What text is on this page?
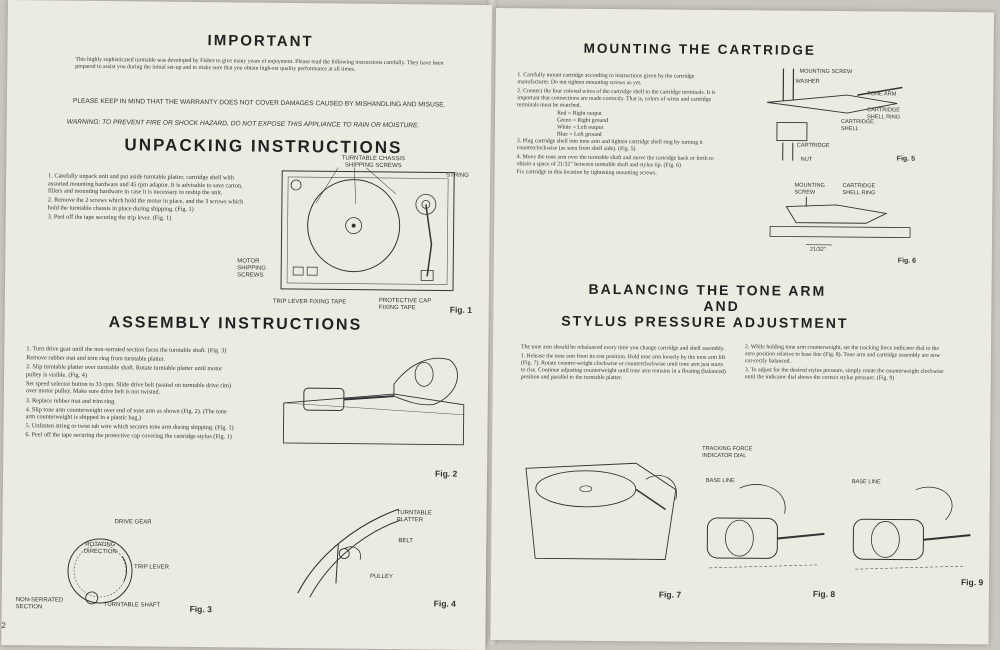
IMPORTANT
This highly sophisticated turntable was developed by Fisher to give many years of enjoyment. Please read the following instructions carefully. They have been prepared to assist you during the initial set-up and to make sure that you obtain high-est quality performance at all times.
PLEASE KEEP IN MIND THAT THE WARRANTY DOES NOT COVER DAMAGES CAUSED BY MISHANDLING AND MISUSE.
WARNING: TO PREVENT FIRE OR SHOCK HAZARD, DO NOT EXPOSE THIS APPLIANCE TO RAIN OR MOISTURE.
UNPACKING INSTRUCTIONS

1. Carefully unpack unit and put aside turntable platter, cartridge shell with assorted mounting hardware and 45 rpm adaptor. It is advisable to save carton, fillers and mounting hardware in case it is necessary to reship the unit.

2. Remove the 2 screws which hold the motor in place, and the 3 screws which hold the turntable chassis in place during shipping. (Fig. 1)

3. Peel off the tape securing the trip lever. (Fig. 1)

TURNTABLE CHASSIS SHIPPING SCREWS
STRING
MOTOR SHIPPING SCREWS
TRIP LEVER FIXING TAPE	PROTECTIVE CAP FIXING TAPE	Fig. 1
ASSEMBLY INSTRUCTIONS

1. Turn drive gear until the non-serrated section faces the turntable shaft. (Fig. 3)

Remove rubber mat and trim ring from turntable platter.

2. Slip turntable platter over turntable shaft. Rotate turntable platter until motor pulley is visible. (Fig. 4)

Set speed selector button to 33 rpm. Slide drive belt (seated on turntable drive rim) over motor pulley. Make sure drive belt is not twisted.

3. Replace rubber mat and trim ring.

4. Slip tone arm counterweight over end of tone arm as shown (Fig. 2). (The tone arm counterweight is shipped in a plastic bag.)

5. Unfasten string or twist tab wire which secures tone arm during shipping. (Fig. 1)

6. Peel off the tape securing the protective cap covering the cartridge stylus (Fig. 1)

Fig. 2
DRIVE GEAR
ROTATING DIRECTION
TRIP LEVER
NON-SERRATED SECTION	TURNTABLE SHAFT	Fig. 3
TURNTABLE PLATTER
BELT
PULLEY
Fig. 4
2
MOUNTING THE CARTRIDGE

1. Carefully mount cartridge according to instructions given by the cartridge manufacturer. Do not tighten mounting screws as yet.

2. Connect the four colored wires of the cartridge shell to the cartridge terminals. It is important that connections are made correctly. That is, colors of wires and cartridge terminals must be matched.

Red = Right output
Green = Right ground
White = Left output
Blue = Left ground

3. Plug cartridge shell into tone arm and tighten cartridge shell ring by turning it counterclockwise (as seen from shell side). (Fig. 5)

4. Move the tone arm over the turntable shaft and move the cartridge back or forth to obtain a space of 21/32" between turntable shaft and stylus tip. (Fig. 6)

Fix cartridge in this location by tightening mounting screws.

MOUNTING SCREW
WASHER
TONE ARM
CARTRIDGE SHELL RING
CARTRIDGE SHELL
CARTRIDGE
NUT	Fig. 5
MOUNTING SCREW
CARTRIDGE SHELL RING
21/32"
Fig. 6
BALANCING THE TONE ARM
AND
STYLUS PRESSURE ADJUSTMENT

The tone arm should be rebalanced every time you change cartridge and shell assembly.

1. Release the tone arm from its rest position. Hold tone arm loosely by the tone arm lift (Fig. 7). Rotate counter-weight clockwise or counterclockwise until tone arm just starts to rise. Continue adjusting counterweight until tone arm remains in a floating (balanced) position and parallel to the turntable platter.

2. While holding tone arm counterweight, set the tracking force indicator dial to the zero position relative to base line (Fig. 8). Tone arm and cartridge assembly are now cor-rectly balanced.

3. To adjust for the desired stylus pressure, simply rotate the counterweight clockwise until the indicator dial shows the correct stylus pressure. (Fig. 9)

Fig. 7
TRACKING FORCE INDICATOR DIAL
BASE LINE
Fig. 8
BASE LINE
Fig. 9
